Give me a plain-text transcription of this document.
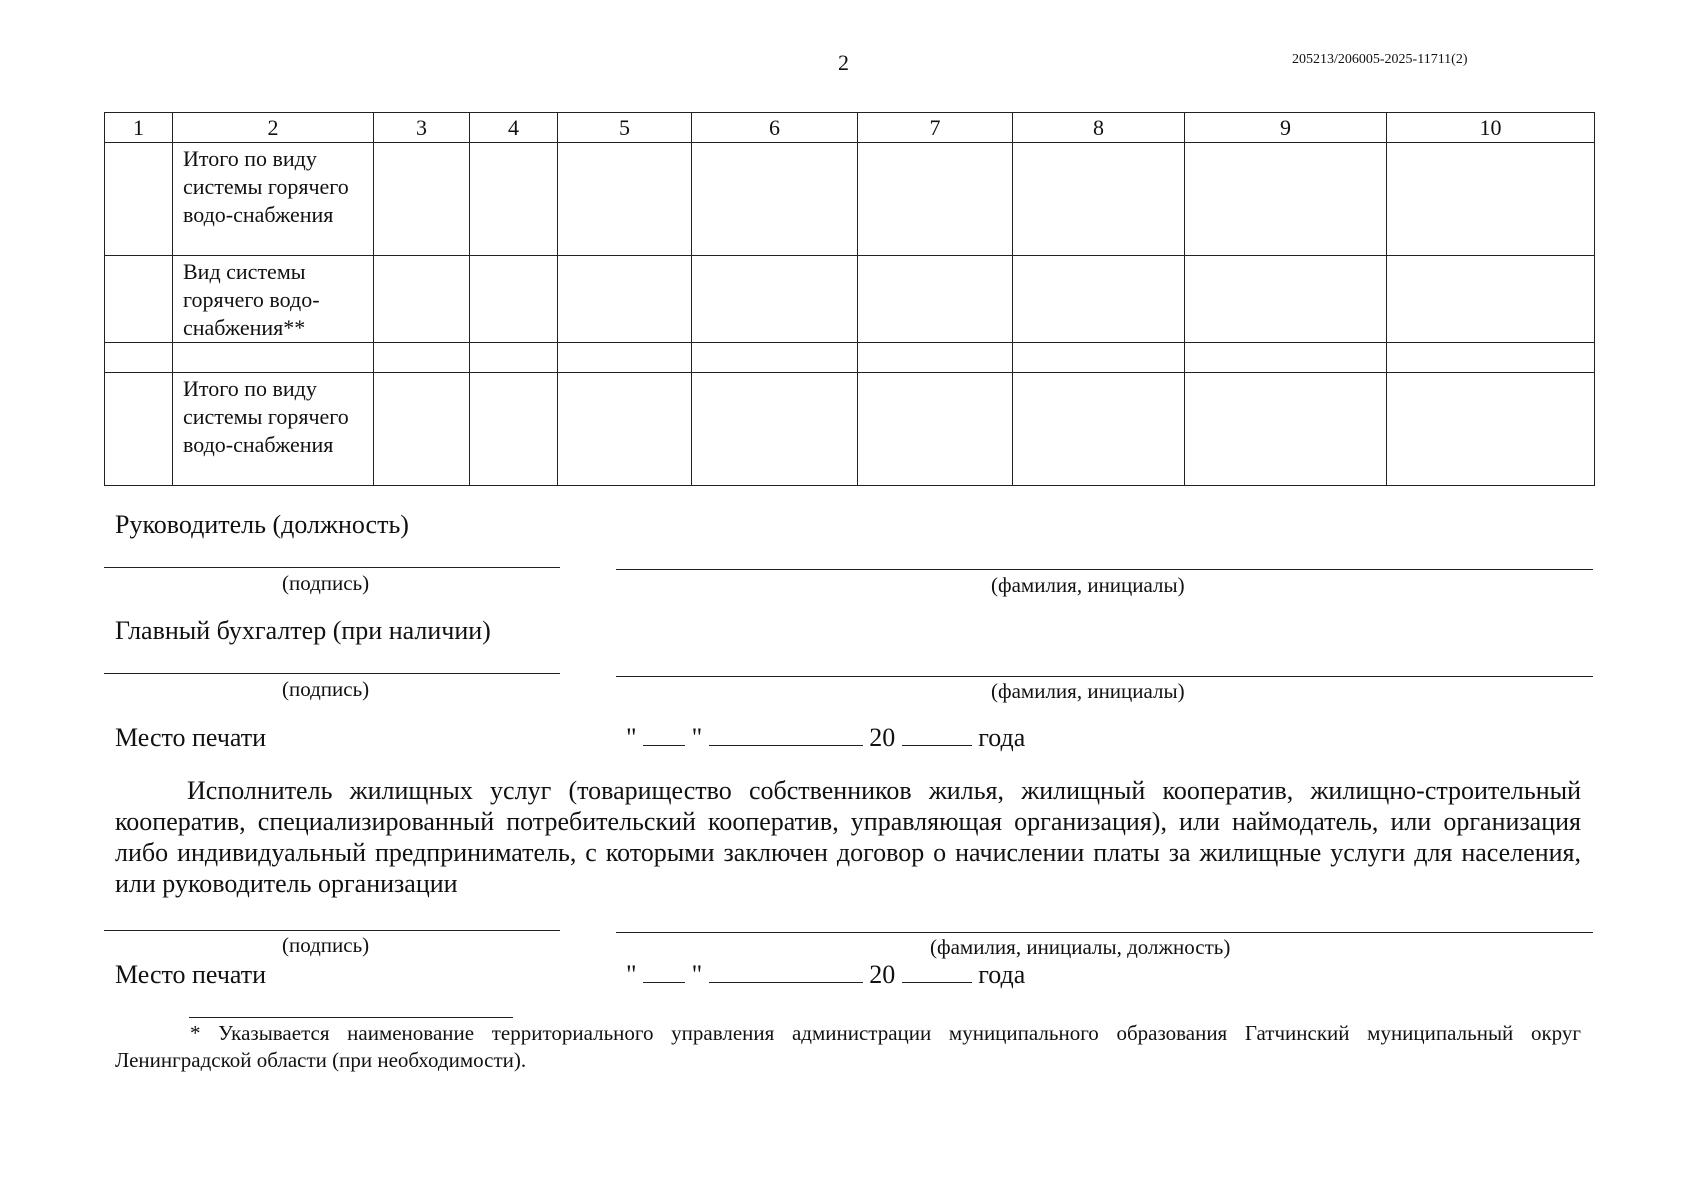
2	205213/206005-2025-11711(2)
1	2	3	4	5	6	7	8	9	10
	Итого по виду системы горячего водо-снабжения								
	Вид системы горячего водо-снабжения**								

	Итого по виду системы горячего водо-снабжения								
Руководитель (должность)
(подпись)	(фамилия, инициалы)
Главный бухгалтер (при наличии)
(подпись)	(фамилия, инициалы)
Место печати	" "	20	года
Исполнитель жилищных услуг (товарищество собственников жилья, жилищный кооператив, жилищно-строительный кооператив, специализированный потребительский кооператив, управляющая организация), или наймодатель, или организация либо индивидуальный предприниматель, с которыми заключен договор о начислении платы за жилищные услуги для населения, или руководитель организации
(подпись)	(фамилия, инициалы, должность)
Место печати	" "	20	года
* Указывается наименование территориального управления администрации муниципального образования Гатчинский муниципальный округ Ленинградской области (при необходимости).
